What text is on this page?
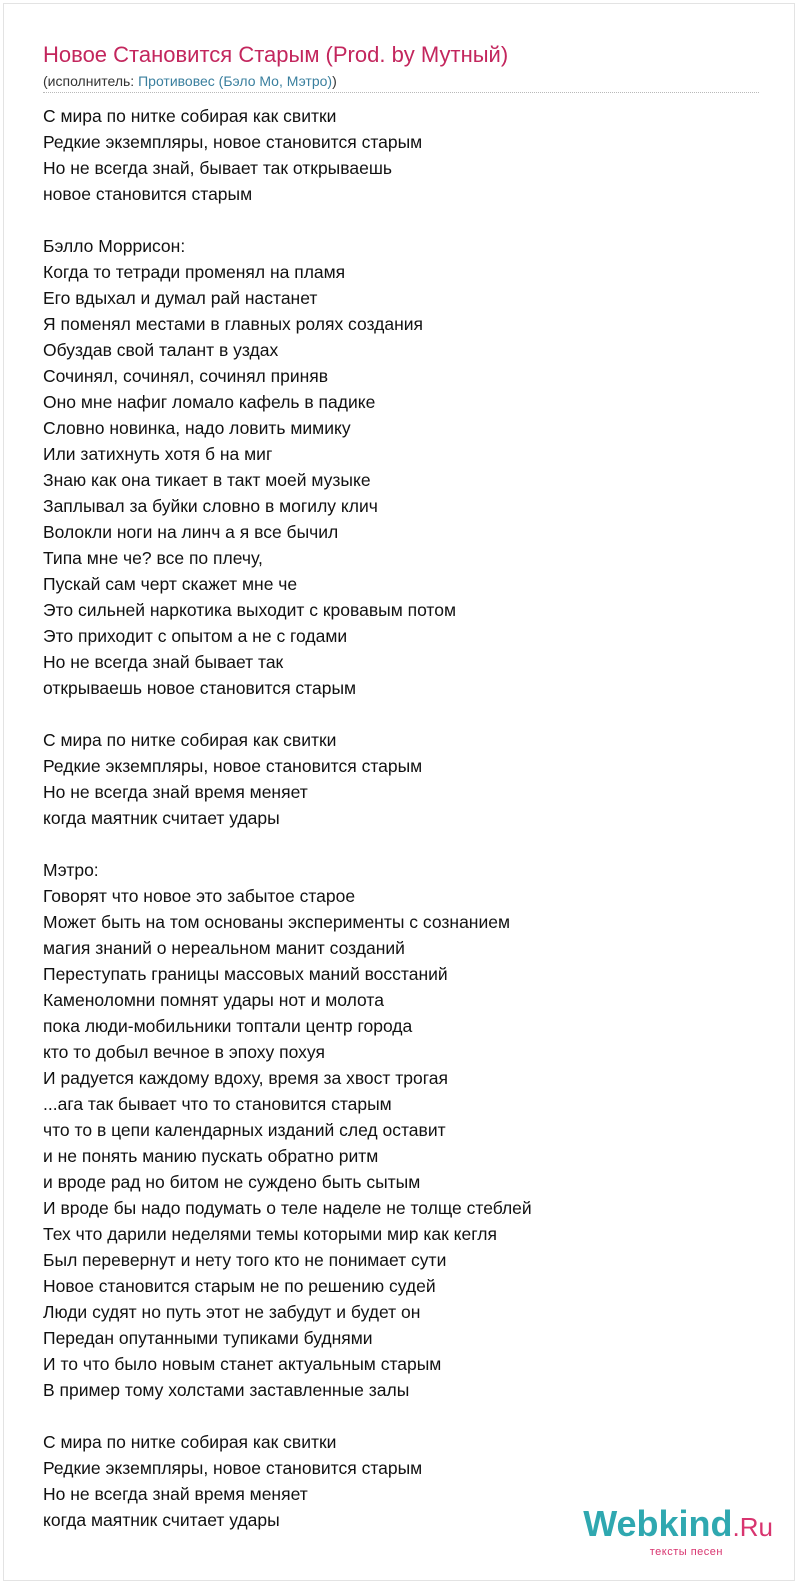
Новое Становится Старым (Prod. by Мутный)
(исполнитель: Противовес (Бэло Мо, Мэтро))
С мира по нитке собирая как свитки
Редкие экземпляры, новое становится старым
Но не всегда знай, бывает так открываешь
новое становится старым
Бэлло Моррисон:
Когда то тетради променял на пламя
Его вдыхал и думал рай настанет
Я поменял местами в главных ролях создания
Обуздав свой талант в уздах
Сочинял, сочинял, сочинял приняв
Оно мне нафиг ломало кафель в падике
Словно новинка, надо ловить мимику
Или затихнуть хотя б на миг
Знаю как она тикает в такт моей музыке
Заплывал за буйки словно в могилу клич
Волокли ноги на линч а я все бычил
Типа мне че? все по плечу,
Пускай сам черт скажет мне че
Это сильней наркотика выходит с кровавым потом
Это приходит с опытом а не с годами
Но не всегда знай бывает так
открываешь новое становится старым
С мира по нитке собирая как свитки
Редкие экземпляры, новое становится старым
Но не всегда знай время меняет
когда маятник считает удары
Мэтро:
Говорят что новое это забытое старое
Может быть на том основаны эксперименты с сознанием
магия знаний о нереальном манит созданий
Переступать границы массовых маний восстаний
Каменоломни помнят удары нот и молота
пока люди-мобильники топтали центр города
кто то добыл вечное в эпоху похуя
И радуется каждому вдоху, время за хвост трогая
...ага так бывает что то становится старым
что то в цепи календарных изданий след оставит
и не понять манию пускать обратно ритм
и вроде рад но битом не суждено быть сытым
И вроде бы надо подумать о теле наделе не толще стеблей
Тех что дарили неделями темы которыми мир как кегля
Был перевернут и нету того кто не понимает сути
Новое становится старым не по решению судей
Люди судят но путь этот не забудут и будет он
Передан опутанными тупиками буднями
И то что было новым станет актуальным старым
В пример тому холстами заставленные залы
С мира по нитке собирая как свитки
Редкие экземпляры, новое становится старым
Но не всегда знай время меняет
когда маятник считает удары	Webkind.Ru
тексты песен
